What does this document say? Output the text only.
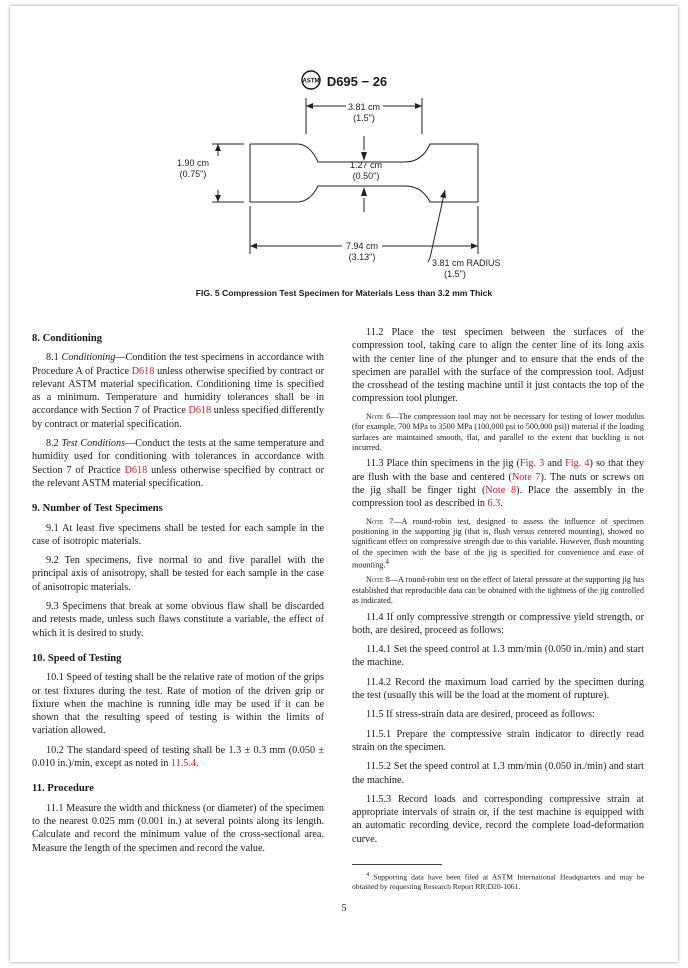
ASTM D695 − 26
3.81 cm
(1.5")
1.90 cm
(0.75")
1.27 cm
(0.50")
7.94 cm
(3.13")
3.81 cm RADIUS
(1.5")
FIG. 5 Compression Test Specimen for Materials Less than 3.2 mm Thick
8. Conditioning

8.1 Conditioning—Condition the test specimens in accordance with Procedure A of Practice D618 unless otherwise specified by contract or relevant ASTM material specification. Conditioning time is specified as a minimum. Temperature and humidity tolerances shall be in accordance with Section 7 of Practice D618 unless specified differently by contract or material specification.

8.2 Test Conditions—Conduct the tests at the same temperature and humidity used for conditioning with tolerances in accordance with Section 7 of Practice D618 unless otherwise specified by contract or the relevant ASTM material specification.

9. Number of Test Specimens

9.1 At least five specimens shall be tested for each sample in the case of isotropic materials.

9.2 Ten specimens, five normal to and five parallel with the principal axis of anisotropy, shall be tested for each sample in the case of anisotropic materials.

9.3 Specimens that break at some obvious flaw shall be discarded and retests made, unless such flaws constitute a variable, the effect of which it is desired to study.

10. Speed of Testing

10.1 Speed of testing shall be the relative rate of motion of the grips or test fixtures during the test. Rate of motion of the driven grip or fixture when the machine is running idle may be used if it can be shown that the resulting speed of testing is within the limits of variation allowed.

10.2 The standard speed of testing shall be 1.3 ± 0.3 mm (0.050 ± 0.010 in.)/min, except as noted in 11.5.4.

11. Procedure

11.1 Measure the width and thickness (or diameter) of the specimen to the nearest 0.025 mm (0.001 in.) at several points along its length. Calculate and record the minimum value of the cross-sectional area. Measure the length of the specimen and record the value.

11.2 Place the test specimen between the surfaces of the compression tool, taking care to align the center line of its long axis with the center line of the plunger and to ensure that the ends of the specimen are parallel with the surface of the compression tool. Adjust the crosshead of the testing machine until it just contacts the top of the compression tool plunger.

Note 6—The compression tool may not be necessary for testing of lower modulus (for example, 700 MPa to 3500 MPa (100,000 psi to 500,000 psi)) material if the loading surfaces are maintained smooth, flat, and parallel to the extent that buckling is not incurred.

11.3 Place thin specimens in the jig (Fig. 3 and Fig. 4) so that they are flush with the base and centered (Note 7). The nuts or screws on the jig shall be finger tight (Note 8). Place the assembly in the compression tool as described in 6.3.

Note 7—A round-robin test, designed to assess the influence of specimen positioning in the supporting jig (that is, flush versus centered mounting), showed no significant effect on compressive strength due to this variable. However, flush mounting of the specimen with the base of the jig is specified for convenience and ease of mounting.$^4$

Note 8—A round-robin test on the effect of lateral pressure at the supporting jig has established that reproducible data can be obtained with the tightness of the jig controlled as indicated.

11.4 If only compressive strength or compressive yield strength, or both, are desired, proceed as follows:

11.4.1 Set the speed control at 1.3 mm/min (0.050 in./min) and start the machine.

11.4.2 Record the maximum load carried by the specimen during the test (usually this will be the load at the moment of rupture).

11.5 If stress-strain data are desired, proceed as follows:

11.5.1 Prepare the compressive strain indicator to directly read strain on the specimen.

11.5.2 Set the speed control at 1.3 mm/min (0.050 in./min) and start the machine.

11.5.3 Record loads and corresponding compressive strain at appropriate intervals of strain or, if the test machine is equipped with an automatic recording device, record the complete load-deformation curve.

$^4$ Supporting data have been filed at ASTM International Headquarters and may be obtained by requesting Research Report RR:D20-1061.

5
